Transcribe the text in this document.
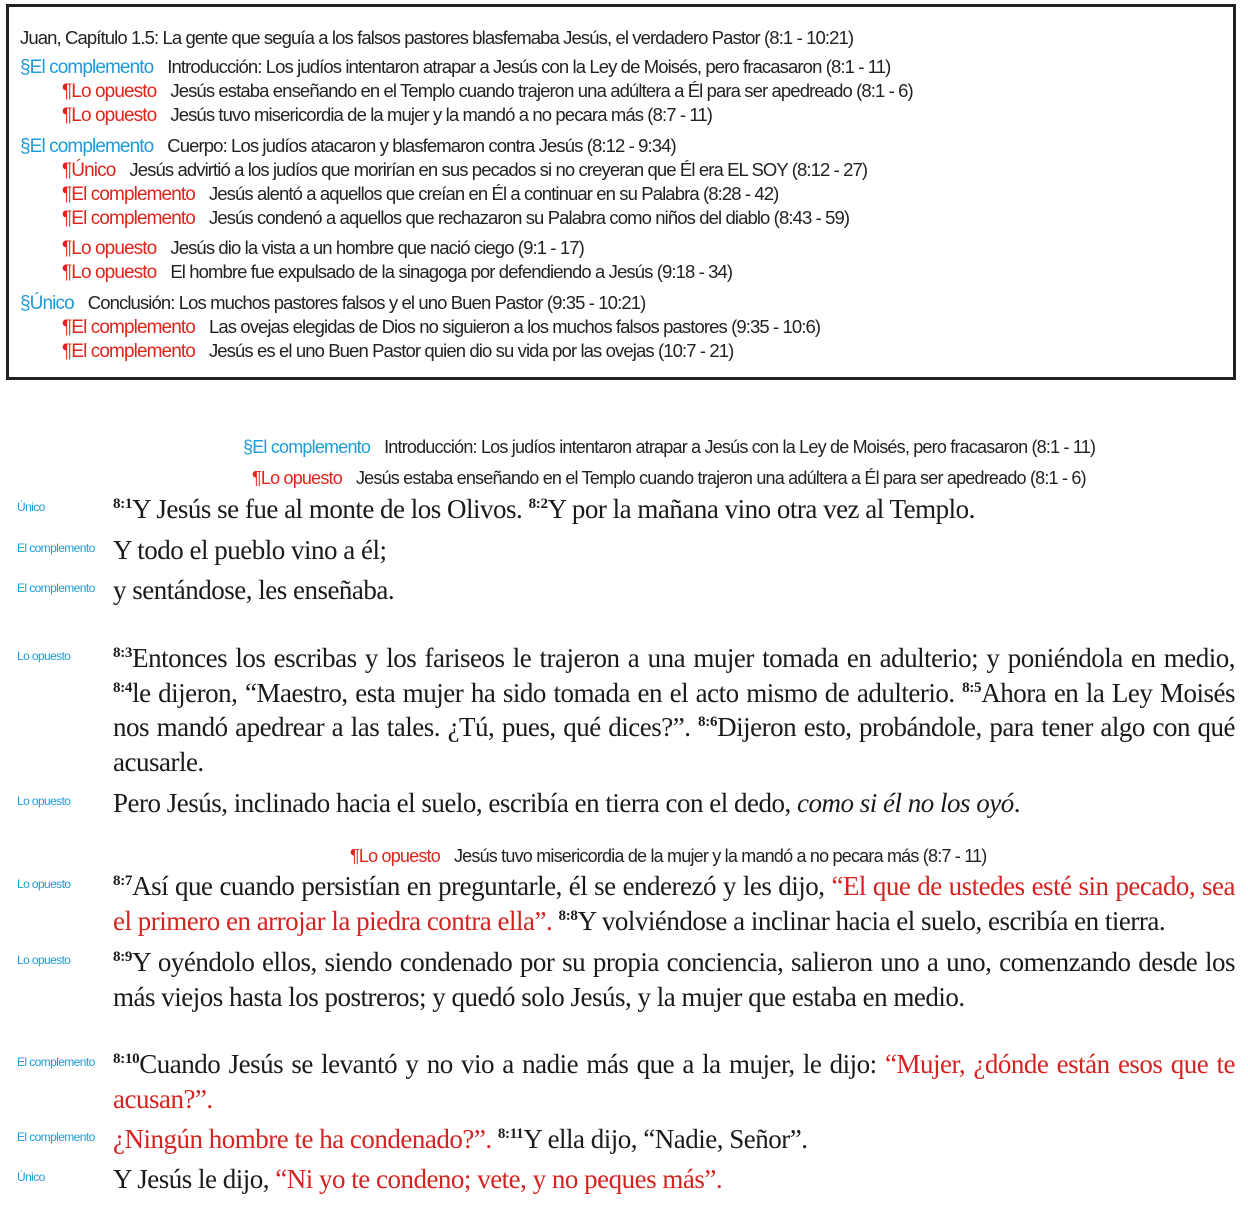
Juan, Capítulo 1.5: La gente que seguía a los falsos pastores blasfemaba Jesús, el verdadero Pastor (8:1 - 10:21)
§El complemento Introducción: Los judíos intentaron atrapar a Jesús con la Ley de Moisés, pero fracasaron (8:1 - 11)
¶Lo opuesto Jesús estaba enseñando en el Templo cuando trajeron una adúltera a Él para ser apedreado (8:1 - 6)
¶Lo opuesto Jesús tuvo misericordia de la mujer y la mandó a no pecara más (8:7 - 11)
§El complemento Cuerpo: Los judíos atacaron y blasfemaron contra Jesús (8:12 - 9:34)
¶Único Jesús advirtió a los judíos que morirían en sus pecados si no creyeran que Él era EL SOY (8:12 - 27)
¶El complemento Jesús alentó a aquellos que creían en Él a continuar en su Palabra (8:28 - 42)
¶El complemento Jesús condenó a aquellos que rechazaron su Palabra como niños del diablo (8:43 - 59)
¶Lo opuesto Jesús dio la vista a un hombre que nació ciego (9:1 - 17)
¶Lo opuesto El hombre fue expulsado de la sinagoga por defendiendo a Jesús (9:18 - 34)
§Único Conclusión: Los muchos pastores falsos y el uno Buen Pastor (9:35 - 10:21)
¶El complemento Las ovejas elegidas de Dios no siguieron a los muchos falsos pastores (9:35 - 10:6)
¶El complemento Jesús es el uno Buen Pastor quien dio su vida por las ovejas (10:7 - 21)
§El complemento Introducción: Los judíos intentaron atrapar a Jesús con la Ley de Moisés, pero fracasaron (8:1 - 11)
¶Lo opuesto Jesús estaba enseñando en el Templo cuando trajeron una adúltera a Él para ser apedreado (8:1 - 6)
Único
El complemento
El complemento
Lo opuesto
Lo opuesto
Lo opuesto
Lo opuesto
El complemento
El complemento
Único
$^{8:1}$Y Jesús se fue al monte de los Olivos. $^{8:2}$Y por la mañana vino otra vez al Templo.
Y todo el pueblo vino a él;
y sentándose, les enseñaba.
$^{8:3}$Entonces los escribas y los fariseos le trajeron a una mujer tomada en adulterio; y poniéndola en medio, $^{8:4}$le dijeron, “Maestro, esta mujer ha sido tomada en el acto mismo de adulterio. $^{8:5}$Ahora en la Ley Moisés nos mandó apedrear a las tales. ¿Tú, pues, qué dices?”. $^{8:6}$Dijeron esto, probándole, para tener algo con qué acusarle.
Pero Jesús, inclinado hacia el suelo, escribía en tierra con el dedo, como si él no los oyó.
¶Lo opuesto Jesús tuvo misericordia de la mujer y la mandó a no pecara más (8:7 - 11)
$^{8:7}$Así que cuando persistían en preguntarle, él se enderezó y les dijo, “El que de ustedes esté sin pecado, sea el primero en arrojar la piedra contra ella”. $^{8:8}$Y volviéndose a inclinar hacia el suelo, escribía en tierra.
$^{8:9}$Y oyéndolo ellos, siendo condenado por su propia conciencia, salieron uno a uno, comenzando desde los más viejos hasta los postreros; y quedó solo Jesús, y la mujer que estaba en medio.
$^{8:10}$Cuando Jesús se levantó y no vio a nadie más que a la mujer, le dijo: “Mujer, ¿dónde están esos que te acusan?”.
¿Ningún hombre te ha condenado?”. $^{8:11}$Y ella dijo, “Nadie, Señor”.
Y Jesús le dijo, “Ni yo te condeno; vete, y no peques más”.
